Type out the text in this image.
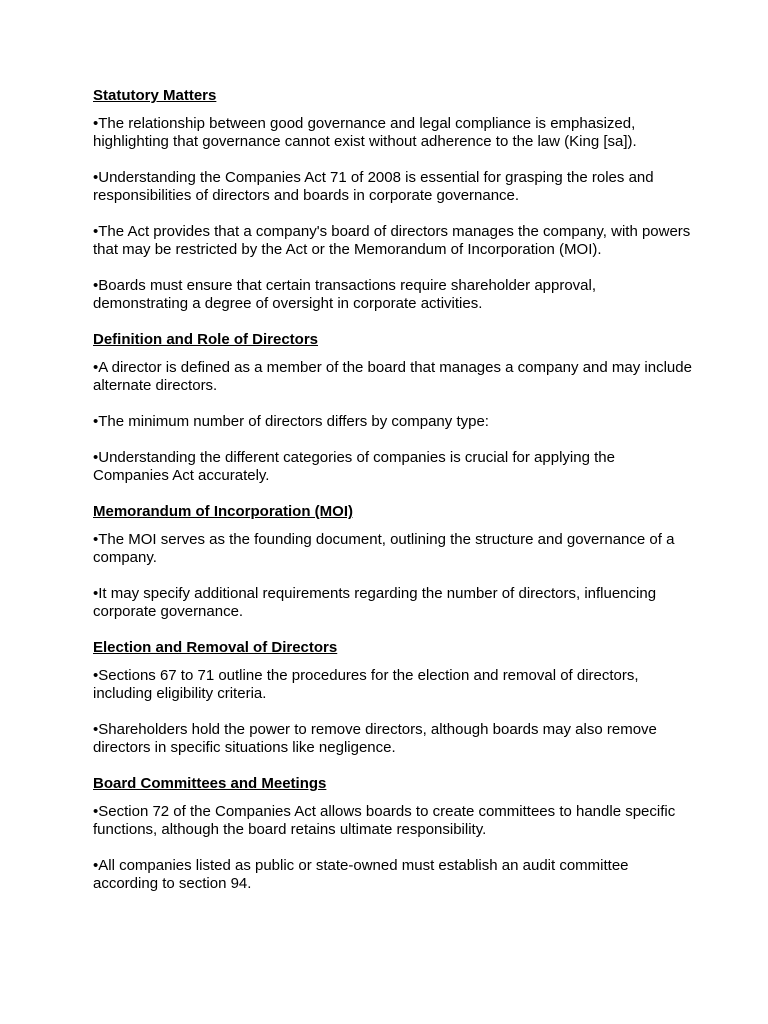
Statutory Matters
•The relationship between good governance and legal compliance is emphasized, highlighting that governance cannot exist without adherence to the law (King [sa]).
•Understanding the Companies Act 71 of 2008 is essential for grasping the roles and responsibilities of directors and boards in corporate governance.
•The Act provides that a company's board of directors manages the company, with powers that may be restricted by the Act or the Memorandum of Incorporation (MOI).
•Boards must ensure that certain transactions require shareholder approval, demonstrating a degree of oversight in corporate activities.
Definition and Role of Directors
•A director is defined as a member of the board that manages a company and may include alternate directors.
•The minimum number of directors differs by company type:
•Understanding the different categories of companies is crucial for applying the Companies Act accurately.
Memorandum of Incorporation (MOI)
•The MOI serves as the founding document, outlining the structure and governance of a company.
•It may specify additional requirements regarding the number of directors, influencing corporate governance.
Election and Removal of Directors
•Sections 67 to 71 outline the procedures for the election and removal of directors, including eligibility criteria.
•Shareholders hold the power to remove directors, although boards may also remove directors in specific situations like negligence.
Board Committees and Meetings
•Section 72 of the Companies Act allows boards to create committees to handle specific functions, although the board retains ultimate responsibility.
•All companies listed as public or state-owned must establish an audit committee according to section 94.
